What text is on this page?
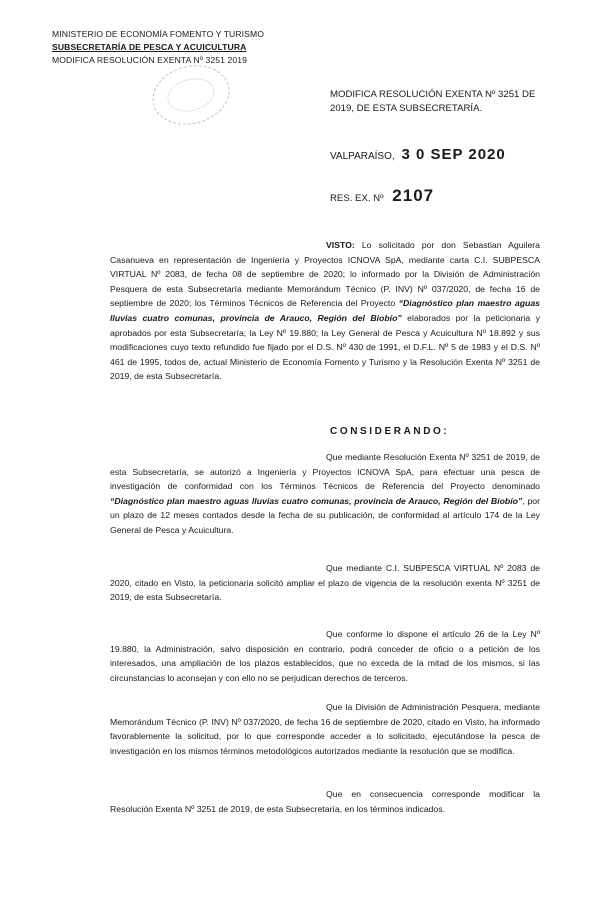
MINISTERIO DE ECONOMÍA FOMENTO Y TURISMO
SUBSECRETARÍA DE PESCA Y ACUICULTURA
MODIFICA RESOLUCIÓN EXENTA Nº 3251 2019
MODIFICA RESOLUCIÓN EXENTA Nº 3251 DE 2019, DE ESTA SUBSECRETARÍA.
VALPARAÍSO, 3 0 SEP 2020
RES. EX. Nº 2107

VISTO: Lo solicitado por don Sebastian Aguilera Casanueva en representación de Ingeniería y Proyectos ICNOVA SpA, mediante carta C.I. SUBPESCA VIRTUAL Nº 2083, de fecha 08 de septiembre de 2020; lo informado por la División de Administración Pesquera de esta Subsecretaría mediante Memorándum Técnico (P. INV) Nº 037/2020, de fecha 16 de septiembre de 2020; los Términos Técnicos de Referencia del Proyecto “Diagnóstico plan maestro aguas lluvias cuatro comunas, provincia de Arauco, Región del Biobío” elaborados por la peticionaria y aprobados por esta Subsecretaría; la Ley Nº 19.880; la Ley General de Pesca y Acuicultura Nº 18.892 y sus modificaciones cuyo texto refundido fue fijado por el D.S. Nº 430 de 1991, el D.F.L. Nº 5 de 1983 y el D.S. Nº 461 de 1995, todos de, actual Ministerio de Economía Fomento y Turismo y la Resolución Exenta Nº 3251 de 2019, de esta Subsecretaría.

CONSIDERANDO:

Que mediante Resolución Exenta Nº 3251 de 2019, de esta Subsecretaría, se autorizó a Ingeniería y Proyectos ICNOVA SpA, para efectuar una pesca de investigación de conformidad con los Términos Técnicos de Referencia del Proyecto denominado “Diagnóstico plan maestro aguas lluvias cuatro comunas, provincia de Arauco, Región del Biobío”, por un plazo de 12 meses contados desde la fecha de su publicación, de conformidad al artículo 174 de la Ley General de Pesca y Acuicultura.

Que mediante C.I. SUBPESCA VIRTUAL Nº 2083 de 2020, citado en Visto, la peticionaria solicitó ampliar el plazo de vigencia de la resolución exenta Nº 3251 de 2019, de esta Subsecretaría.

Que conforme lo dispone el artículo 26 de la Ley Nº 19.880, la Administración, salvo disposición en contrario, podrá conceder de oficio o a petición de los interesados, una ampliación de los plazos establecidos, que no exceda de la mitad de los mismos, si las circunstancias lo aconsejan y con ello no se perjudican derechos de terceros.

Que la División de Administración Pesquera, mediante Memorándum Técnico (P. INV) Nº 037/2020, de fecha 16 de septiembre de 2020, citado en Visto, ha informado favorablemente la solicitud, por lo que corresponde acceder a lo solicitado, ejecutándose la pesca de investigación en los mismos términos metodológicos autorizados mediante la resolución que se modifica.

Que en consecuencia corresponde modificar la Resolución Exenta Nº 3251 de 2019, de esta Subsecretaría, en los términos indicados.
